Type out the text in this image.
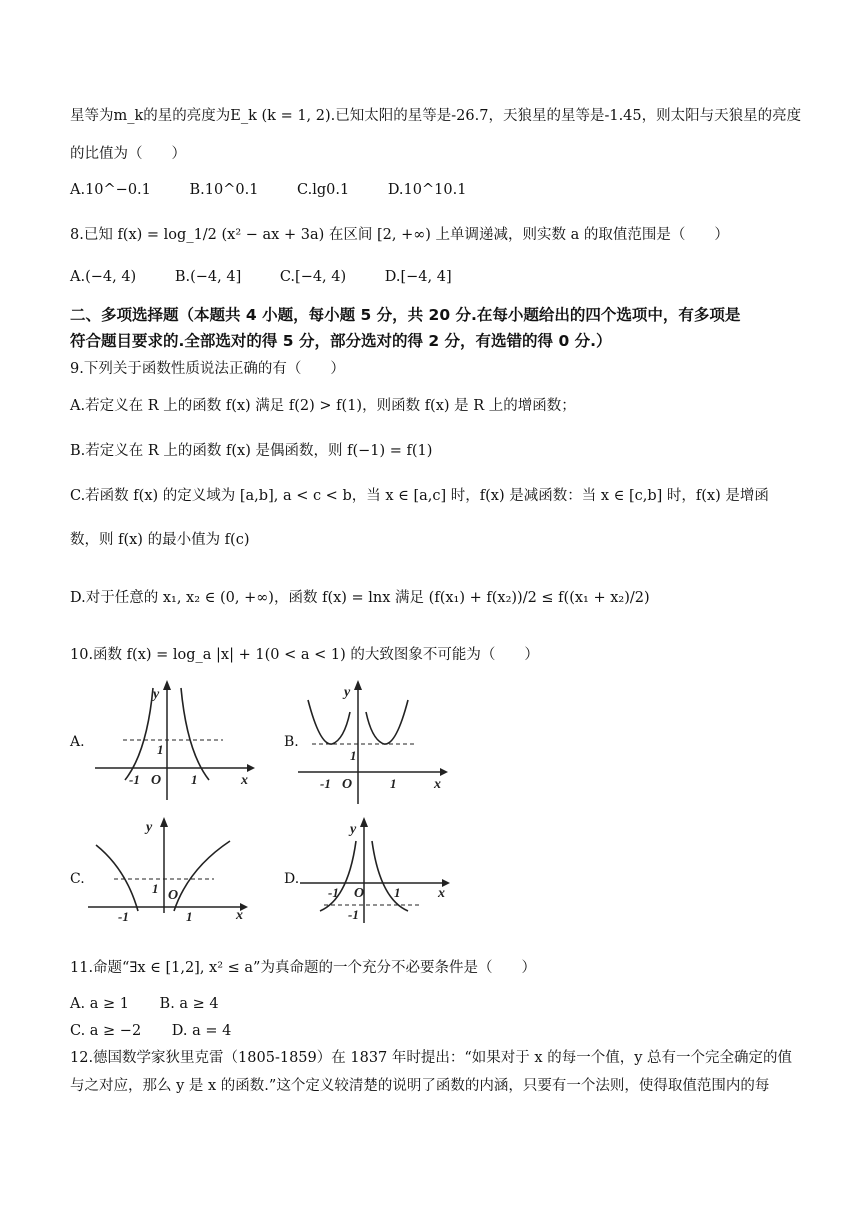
星等为m_k的星的亮度为E_k (k = 1, 2).已知太阳的星等是-26.7，天狼星的星等是-1.45，则太阳与天狼星的亮度
的比值为（　　）
A.10^−0.1	B.10^0.1	C.lg0.1	D.10^10.1
8.已知 f(x) = log_1/2 (x² − ax + 3a) 在区间 [2, +∞) 上单调递减，则实数 a 的取值范围是（　　）
A.(−4, 4)	B.(−4, 4]	C.[−4, 4)	D.[−4, 4]
二、多项选择题（本题共 4 小题，每小题 5 分，共 20 分.在每小题给出的四个选项中，有多项是
符合题目要求的.全部选对的得 5 分，部分选对的得 2 分，有选错的得 0 分.）
9.下列关于函数性质说法正确的有（　　）
A.若定义在 R 上的函数 f(x) 满足 f(2) > f(1)，则函数 f(x) 是 R 上的增函数；
B.若定义在 R 上的函数 f(x) 是偶函数，则 f(−1) = f(1)
C.若函数 f(x) 的定义域为 [a,b], a < c < b，当 x ∈ [a,c] 时，f(x) 是减函数：当 x ∈ [c,b] 时，f(x) 是增函
数，则 f(x) 的最小值为 f(c)
D.对于任意的 x₁, x₂ ∈ (0, +∞)，函数 f(x) = lnx 满足 (f(x₁) + f(x₂))/2 ≤ f((x₁ + x₂)/2)
10.函数 f(x) = log_a |x| + 1(0 < a < 1) 的大致图象不可能为（　　）
A.	B.
C.	D.
y
x
1
-1 O 1
y
x
1
-1 O	1
y
x
1 O
-1	1
y
x
-1 O 1
-1
11.命题“∃x ∈ [1,2], x² ≤ a”为真命题的一个充分不必要条件是（　　）
A. a ≥ 1 B. a ≥ 4
C. a ≥ −2 D. a = 4
12.德国数学家狄里克雷（1805-1859）在 1837 年时提出：“如果对于 x 的每一个值，y 总有一个完全确定的值
与之对应，那么 y 是 x 的函数.”这个定义较清楚的说明了函数的内涵，只要有一个法则，使得取值范围内的每
